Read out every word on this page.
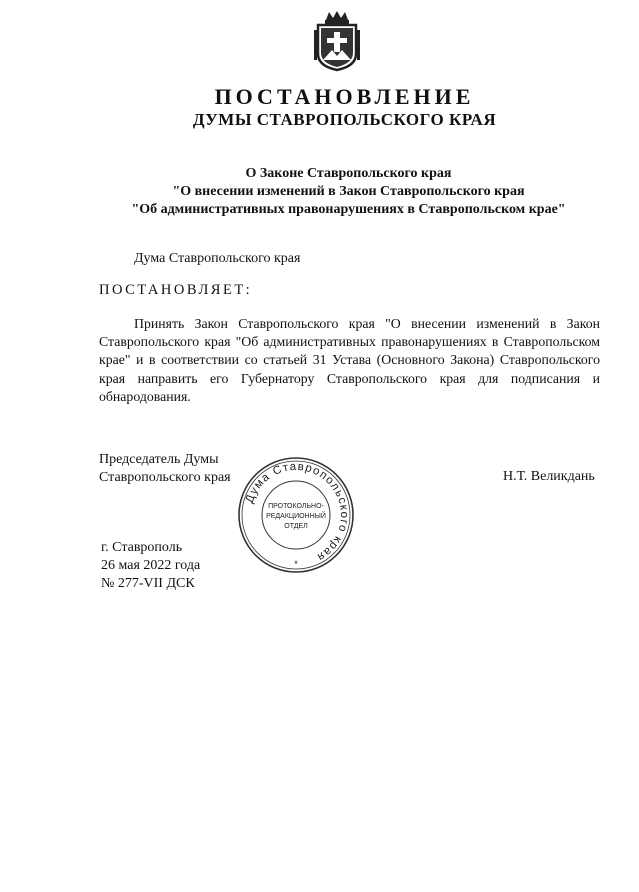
ПОСТАНОВЛЕНИЕ
ДУМЫ СТАВРОПОЛЬСКОГО КРАЯ
О Законе Ставропольского края
"О внесении изменений в Закон Ставропольского края
"Об административных правонарушениях в Ставропольском крае"
Дума Ставропольского края
ПОСТАНОВЛЯЕТ:

Принять Закон Ставропольского края "О внесении изменений в Закон Ставропольского края "Об административных правонарушениях в Ставропольском крае" и в соответствии со статьей 31 Устава (Основного Закона) Ставропольского края направить его Губернатору Ставропольского края для подписания и обнародования.

Председатель Думы
Ставропольского края
Дума Ставропольского края
ПРОТОКОЛЬНО-
РЕДАКЦИОННЫЙ
ОТДЕЛ
*
Н.Т. Великдань
г. Ставрополь
26 мая 2022 года
№ 277-VII ДСК
